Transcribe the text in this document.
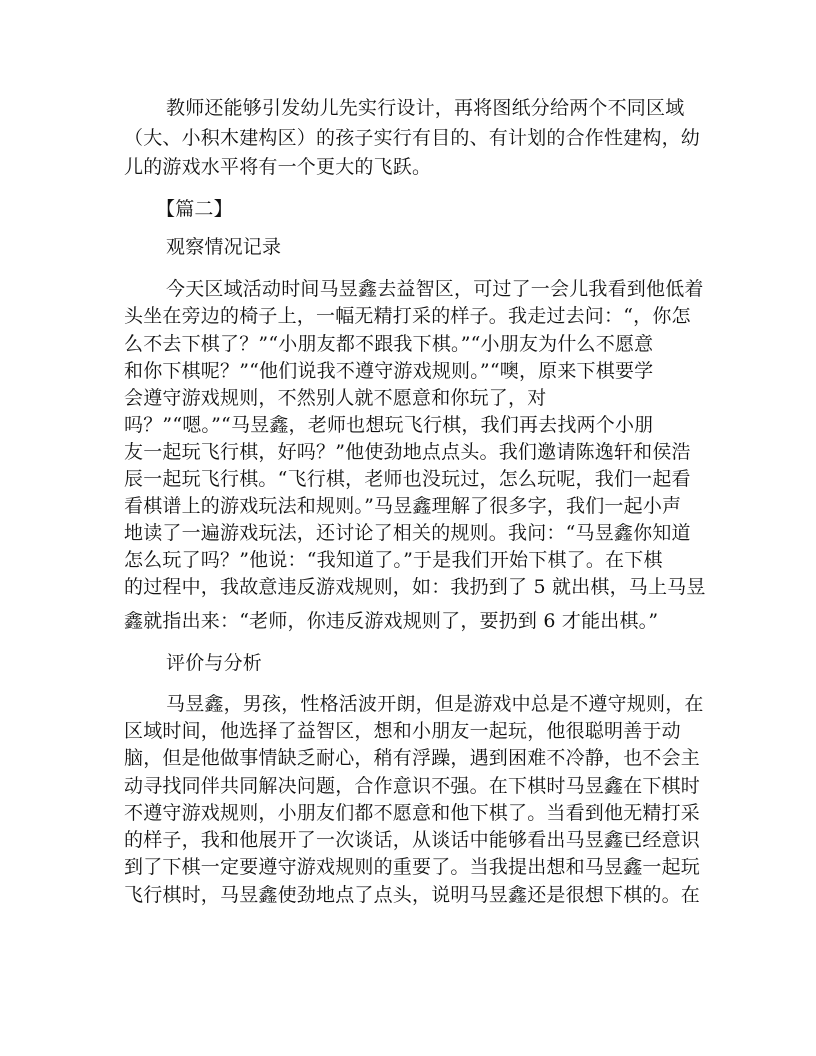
教师还能够引发幼儿先实行设计，再将图纸分给两个不同区域
（大、小积木建构区）的孩子实行有目的、有计划的合作性建构，幼
儿的游戏水平将有一个更大的飞跃。
【篇二】
观察情况记录
今天区域活动时间马昱鑫去益智区，可过了一会儿我看到他低着
头坐在旁边的椅子上，一幅无精打采的样子。我走过去问：“，你怎
么不去下棋了？”“小朋友都不跟我下棋。”“小朋友为什么不愿意
和你下棋呢？”“他们说我不遵守游戏规则。”“噢，原来下棋要学
会遵守游戏规则，不然别人就不愿意和你玩了，对
吗？”“嗯。”“马昱鑫，老师也想玩飞行棋，我们再去找两个小朋
友一起玩飞行棋，好吗？”他使劲地点点头。我们邀请陈逸轩和侯浩
辰一起玩飞行棋。“飞行棋，老师也没玩过，怎么玩呢，我们一起看
看棋谱上的游戏玩法和规则。”马昱鑫理解了很多字，我们一起小声
地读了一遍游戏玩法，还讨论了相关的规则。我问：“马昱鑫你知道
怎么玩了吗？”他说：“我知道了。”于是我们开始下棋了。在下棋
的过程中，我故意违反游戏规则，如：我扔到了 5 就出棋，马上马昱
鑫就指出来：“老师，你违反游戏规则了，要扔到 6 才能出棋。”
评价与分析
马昱鑫，男孩，性格活波开朗，但是游戏中总是不遵守规则，在
区域时间，他选择了益智区，想和小朋友一起玩，他很聪明善于动
脑，但是他做事情缺乏耐心，稍有浮躁，遇到困难不冷静，也不会主
动寻找同伴共同解决问题，合作意识不强。在下棋时马昱鑫在下棋时
不遵守游戏规则，小朋友们都不愿意和他下棋了。当看到他无精打采
的样子，我和他展开了一次谈话，从谈话中能够看出马昱鑫已经意识
到了下棋一定要遵守游戏规则的重要了。当我提出想和马昱鑫一起玩
飞行棋时，马昱鑫使劲地点了点头，说明马昱鑫还是很想下棋的。在
